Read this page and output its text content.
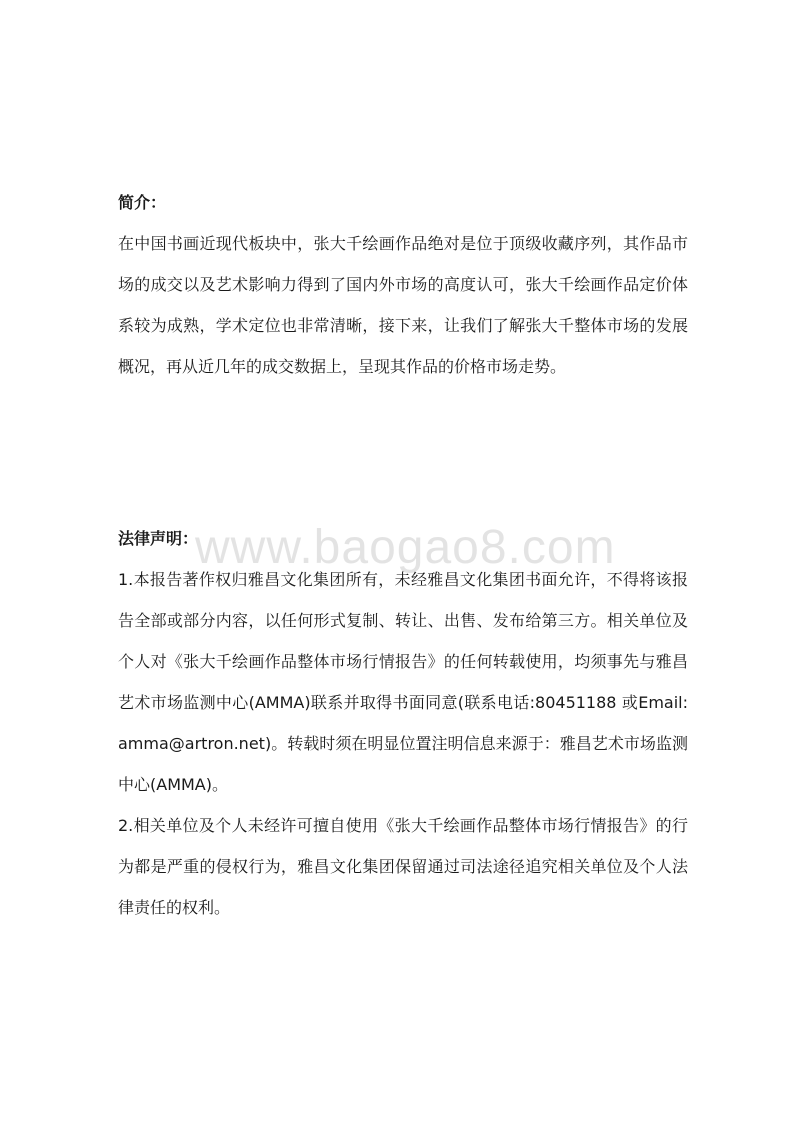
www.baogao8.com

简介：

在中国书画近现代板块中，张大千绘画作品绝对是位于顶级收藏序列，其作品市场的成交以及艺术影响力得到了国内外市场的高度认可，张大千绘画作品定价体系较为成熟，学术定位也非常清晰，接下来，让我们了解张大千整体市场的发展概况，再从近几年的成交数据上，呈现其作品的价格市场走势。

法律声明：

1.本报告著作权归雅昌文化集团所有，未经雅昌文化集团书面允许，不得将该报告全部或部分内容，以任何形式复制、转让、出售、发布给第三方。相关单位及个人对《张大千绘画作品整体市场行情报告》的任何转载使用，均须事先与雅昌艺术市场监测中心(AMMA)联系并取得书面同意(联系电话:80451188 或Email:amma@artron.net)。转载时须在明显位置注明信息来源于：雅昌艺术市场监测中心(AMMA)。

2.相关单位及个人未经许可擅自使用《张大千绘画作品整体市场行情报告》的行为都是严重的侵权行为，雅昌文化集团保留通过司法途径追究相关单位及个人法律责任的权利。
